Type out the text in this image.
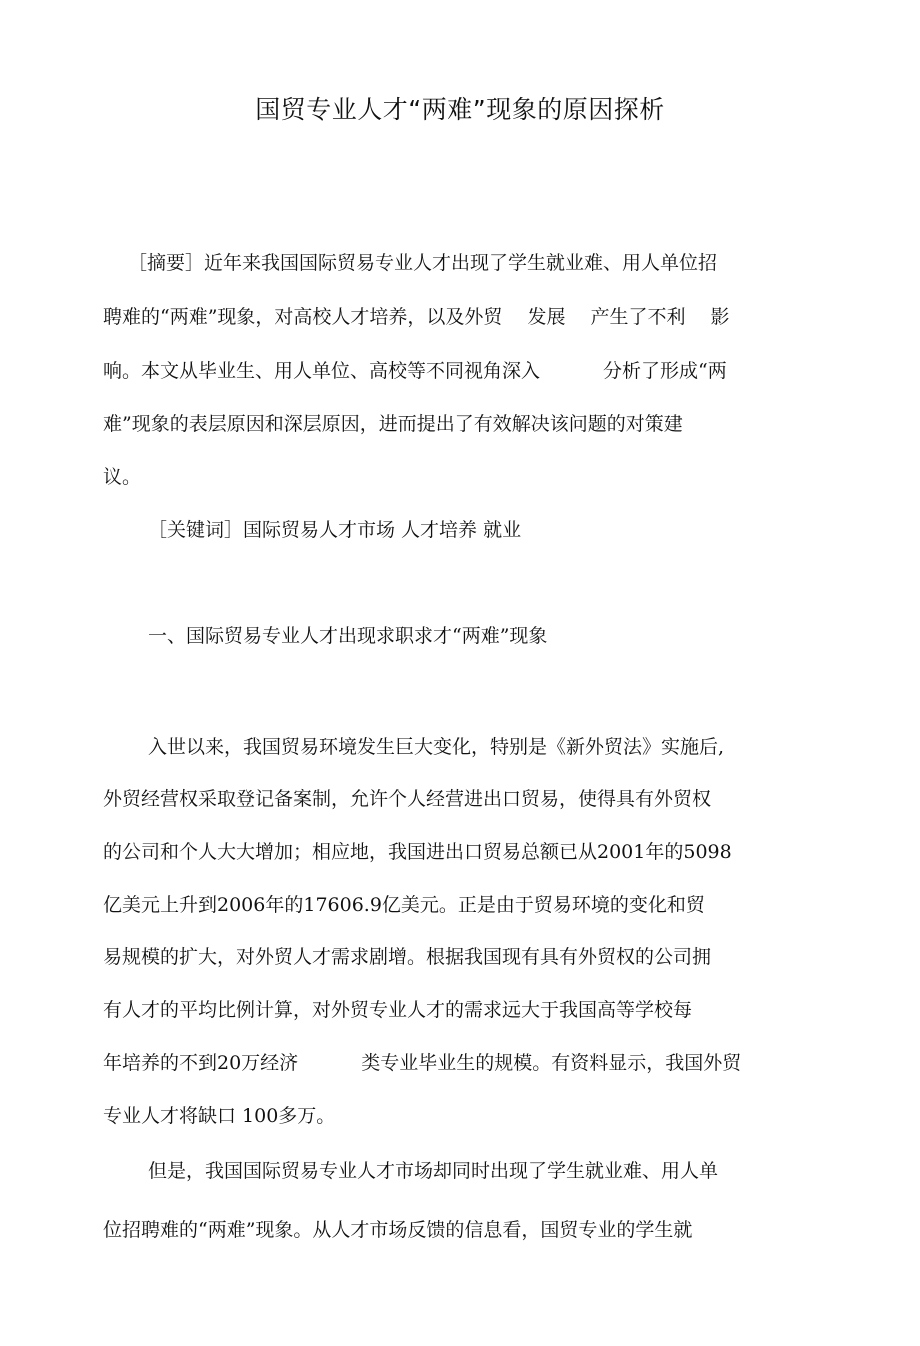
国贸专业人才“两难”现象的原因探析
［摘要］近年来我国国际贸易专业人才出现了学生就业难、用人单位招
聘难的“两难”现象，对高校人才培养，以及外贸　 发展　 产生了不利　 影
响。本文从毕业生、用人单位、高校等不同视角深入　　　 分析了形成“两
难”现象的表层原因和深层原因，进而提出了有效解决该问题的对策建
议。
［关键词］国际贸易人才市场 人才培养 就业
一、国际贸易专业人才出现求职求才“两难”现象
入世以来，我国贸易环境发生巨大变化，特别是《新外贸法》实施后,
外贸经营权采取登记备案制，允许个人经营进出口贸易，使得具有外贸权
的公司和个人大大增加；相应地，我国进出口贸易总额已从2001年的5098
亿美元上升到2006年的17606.9亿美元。正是由于贸易环境的变化和贸
易规模的扩大，对外贸人才需求剧增。根据我国现有具有外贸权的公司拥
有人才的平均比例计算，对外贸专业人才的需求远大于我国高等学校每
年培养的不到20万经济　　　 类专业毕业生的规模。有资料显示，我国外贸
专业人才将缺口 100多万。
但是，我国国际贸易专业人才市场却同时出现了学生就业难、用人单
位招聘难的“两难”现象。从人才市场反馈的信息看，国贸专业的学生就
